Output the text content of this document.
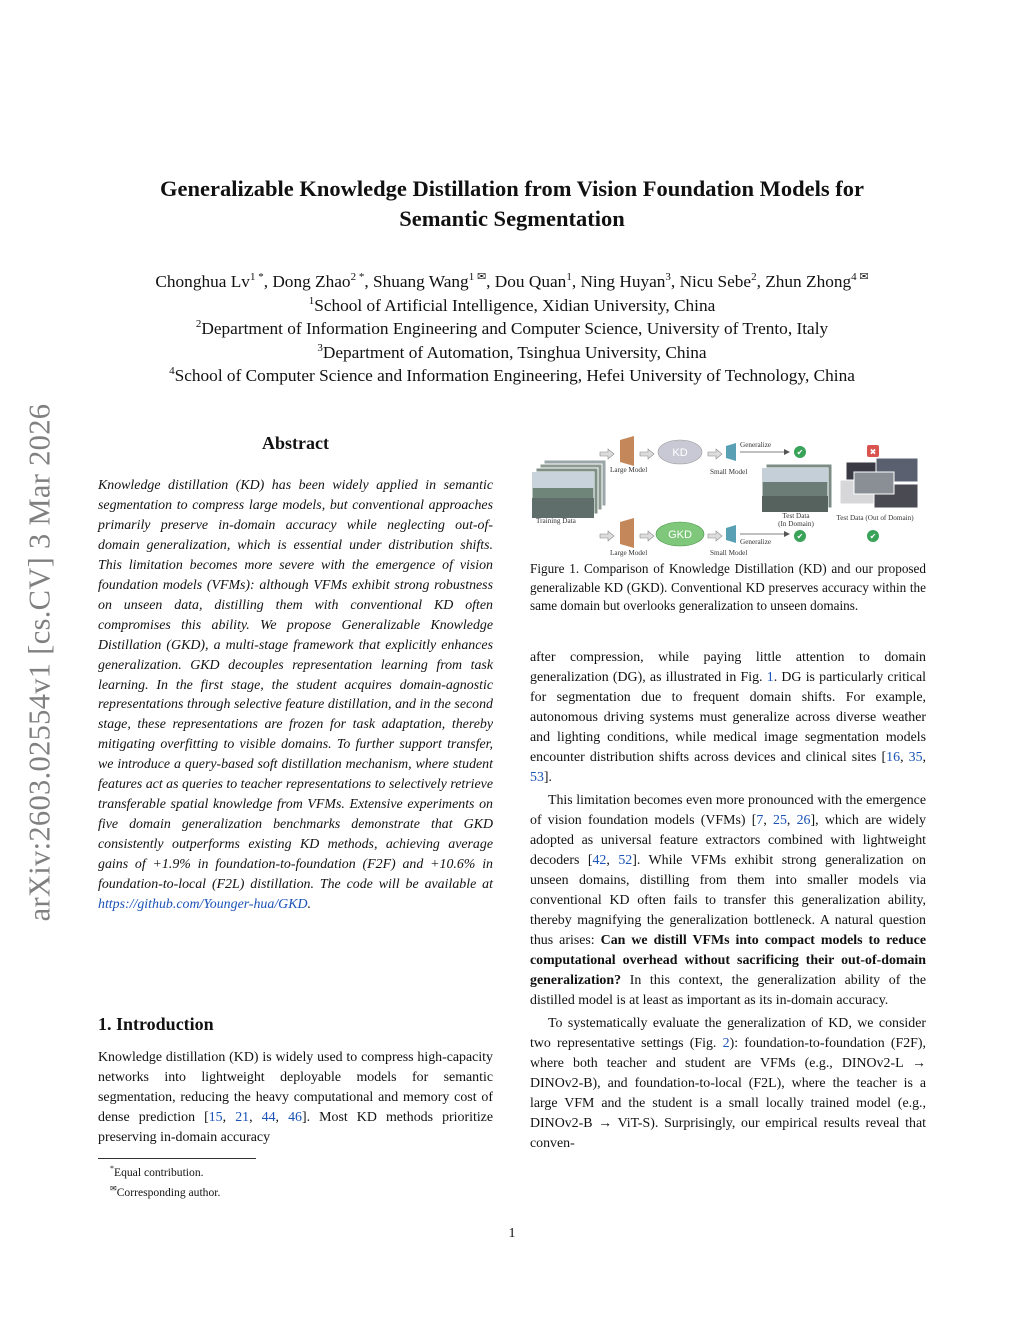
arXiv:2603.02554v1 [cs.CV] 3 Mar 2026
Generalizable Knowledge Distillation from Vision Foundation Models for
Semantic Segmentation
Chonghua $Lv^{1 *}$, Dong Zhao$^{2 *}$, Shuang Wang$^{1 ✉}$, Dou Quan$^1$, Ning Huyan$^3$, Nicu Sebe$^2$, Zhun Zhong$^{4 ✉}$
$^1$School of Artificial Intelligence, Xidian University, China
$^2$Department of Information Engineering and Computer Science, University of Trento, Italy
$^3$Department of Automation, Tsinghua University, China
$^4$School of Computer Science and Information Engineering, Hefei University of Technology, China
Abstract
Knowledge distillation (KD) has been widely applied in semantic segmentation to compress large models, but conventional approaches primarily preserve in-domain accuracy while neglecting out-of-domain generalization, which is essential under distribution shifts. This limitation becomes more severe with the emergence of vision foundation models (VFMs): although VFMs exhibit strong robustness on unseen data, distilling them with conventional KD often compromises this ability. We propose Generalizable Knowledge Distillation (GKD), a multi-stage framework that explicitly enhances generalization. GKD decouples representation learning from task learning. In the first stage, the student acquires domain-agnostic representations through selective feature distillation, and in the second stage, these representations are frozen for task adaptation, thereby mitigating overfitting to visible domains. To further support transfer, we introduce a query-based soft distillation mechanism, where student features act as queries to teacher representations to selectively retrieve transferable spatial knowledge from VFMs. Extensive experiments on five domain generalization benchmarks demonstrate that GKD consistently outperforms existing KD methods, achieving average gains of +1.9% in foundation-to-foundation (F2F) and +10.6% in foundation-to-local (F2L) distillation. The code will be available at https://github.com/Younger-hua/GKD.
1. Introduction
Knowledge distillation (KD) is widely used to compress high-capacity networks into lightweight deployable models for semantic segmentation, reducing the heavy computational and memory cost of dense prediction [15, 21, 44, 46]. Most KD methods prioritize preserving in-domain accuracy
*Equal contribution.
✉Corresponding author.
Training Data
KD
Generalize
Large Model	Small Model
✔	✖
Test Data
(In Domain)
Test Data (Out of Domain)
GKD
Generalize
Large Model	Small Model
✔	✔
Figure 1. Comparison of Knowledge Distillation (KD) and our proposed generalizable KD (GKD). Conventional KD preserves accuracy within the same domain but overlooks generalization to unseen domains.

after compression, while paying little attention to domain generalization (DG), as illustrated in Fig. 1. DG is particularly critical for segmentation due to frequent domain shifts. For example, autonomous driving systems must generalize across diverse weather and lighting conditions, while medical image segmentation models encounter distribution shifts across devices and clinical sites [16, 35, 53].

This limitation becomes even more pronounced with the emergence of vision foundation models (VFMs) [7, 25, 26], which are widely adopted as universal feature extractors combined with lightweight decoders [42, 52]. While VFMs exhibit strong generalization on unseen domains, distilling from them into smaller models via conventional KD often fails to transfer this generalization ability, thereby magnifying the generalization bottleneck. A natural question thus arises: Can we distill VFMs into compact models to reduce computational overhead without sacrificing their out-of-domain generalization? In this context, the generalization ability of the distilled model is at least as important as its in-domain accuracy.

To systematically evaluate the generalization of KD, we consider two representative settings (Fig. 2): foundation-to-foundation (F2F), where both teacher and student are VFMs (e.g., DINOv2-L → DINOv2-B), and foundation-to-local (F2L), where the teacher is a large VFM and the student is a small locally trained model (e.g., DINOv2-B → ViT-S). Surprisingly, our empirical results reveal that conven-

1
